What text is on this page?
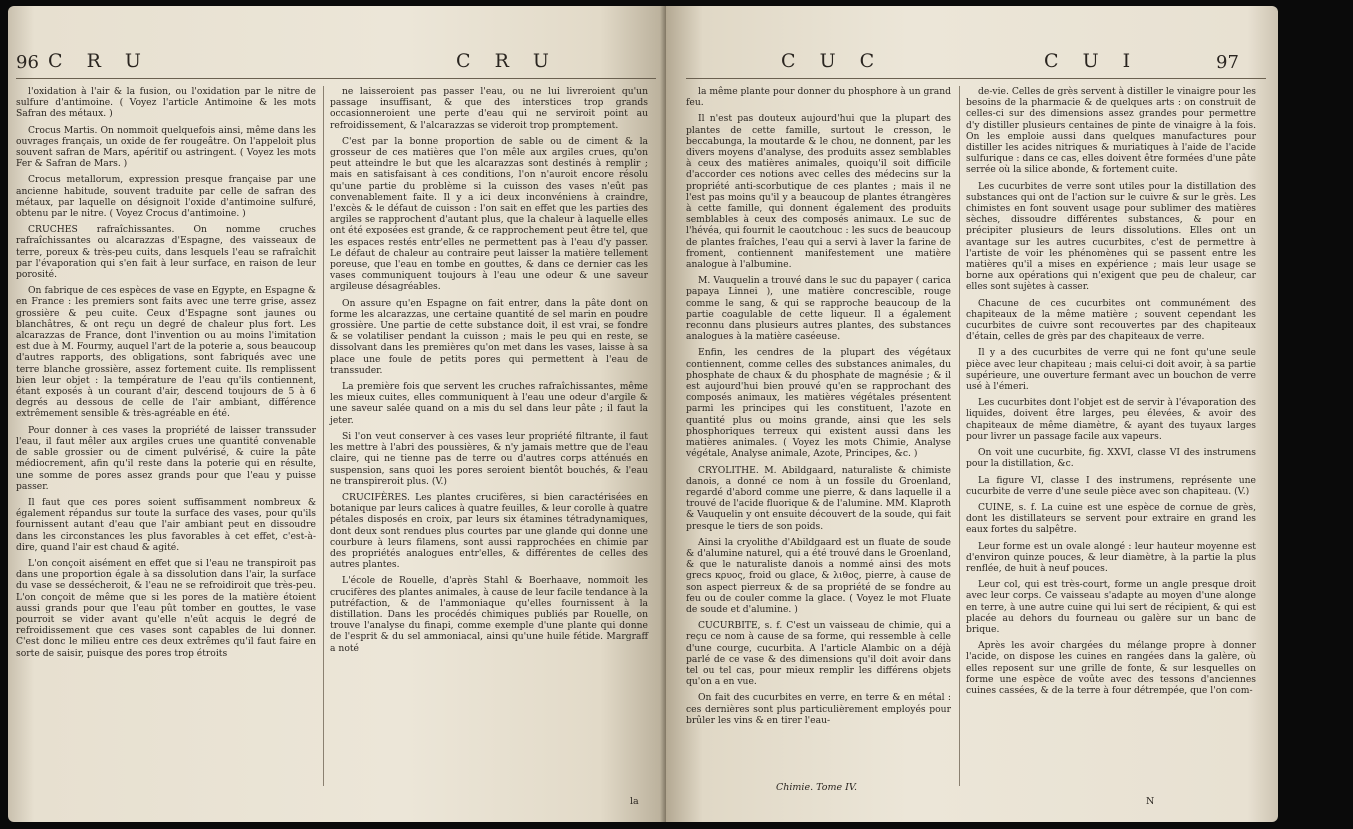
96 C R U	C R U

l'oxidation à l'air & la fusion, ou l'oxidation par le nitre de sulfure d'antimoine. ( Voyez l'article Antimoine & les mots Safran des métaux. )

Crocus Martis. On nommoit quelquefois ainsi, même dans les ouvrages français, un oxide de fer rougeâtre. On l'appeloit plus souvent safran de Mars, apéritif ou astringent. ( Voyez les mots Fer & Safran de Mars. )

Crocus metallorum, expression presque française par une ancienne habitude, souvent traduite par celle de safran des métaux, par laquelle on désignoit l'oxide d'antimoine sulfuré, obtenu par le nitre. ( Voyez Crocus d'antimoine. )

CRUCHES rafraîchissantes. On nomme cruches rafraîchissantes ou alcarazzas d'Espagne, des vaisseaux de terre, poreux & très-peu cuits, dans lesquels l'eau se rafraîchit par l'évaporation qui s'en fait à leur surface, en raison de leur porosité.

On fabrique de ces espèces de vase en Egypte, en Espagne & en France : les premiers sont faits avec une terre grise, assez grossière & peu cuite. Ceux d'Espagne sont jaunes ou blanchâtres, & ont reçu un degré de chaleur plus fort. Les alcarazzas de France, dont l'invention ou au moins l'imitation est due à M. Fourmy, auquel l'art de la poterie a, sous beaucoup d'autres rapports, des obligations, sont fabriqués avec une terre blanche grossière, assez fortement cuite. Ils remplissent bien leur objet : la température de l'eau qu'ils contiennent, étant exposés à un courant d'air, descend toujours de 5 à 6 degrés au dessous de celle de l'air ambiant, différence extrêmement sensible & très-agréable en été.

Pour donner à ces vases la propriété de laisser transsuder l'eau, il faut mêler aux argiles crues une quantité convenable de sable grossier ou de ciment pulvérisé, & cuire la pâte médiocrement, afin qu'il reste dans la poterie qui en résulte, une somme de pores assez grands pour que l'eau y puisse passer.

Il faut que ces pores soient suffisamment nombreux & également répandus sur toute la surface des vases, pour qu'ils fournissent autant d'eau que l'air ambiant peut en dissoudre dans les circonstances les plus favorables à cet effet, c'est-à-dire, quand l'air est chaud & agité.

L'on conçoit aisément en effet que si l'eau ne transpiroit pas dans une proportion égale à sa dissolution dans l'air, la surface du vase se dessécheroit, & l'eau ne se refroidiroit que très-peu. L'on conçoit de même que si les pores de la matière étoient aussi grands pour que l'eau pût tomber en gouttes, le vase pourroit se vider avant qu'elle n'eût acquis le degré de refroidissement que ces vases sont capables de lui donner. C'est donc le milieu entre ces deux extrêmes qu'il faut faire en sorte de saisir, puisque des pores trop étroits

ne laisseroient pas passer l'eau, ou ne lui livreroient qu'un passage insuffisant, & que des interstices trop grands occasionneroient une perte d'eau qui ne serviroit point au refroidissement, & l'alcarazzas se videroit trop promptement.

C'est par la bonne proportion de sable ou de ciment & la grosseur de ces matières que l'on mêle aux argiles crues, qu'on peut atteindre le but que les alcarazzas sont destinés à remplir ; mais en satisfaisant à ces conditions, l'on n'auroit encore résolu qu'une partie du problème si la cuisson des vases n'eût pas convenablement faite. Il y a ici deux inconvéniens à craindre, l'excès & le défaut de cuisson : l'on sait en effet que les parties des argiles se rapprochent d'autant plus, que la chaleur à laquelle elles ont été exposées est grande, & ce rapprochement peut être tel, que les espaces restés entr'elles ne permettent pas à l'eau d'y passer. Le défaut de chaleur au contraire peut laisser la matière tellement poreuse, que l'eau en tombe en gouttes, & dans ce dernier cas les vases communiquent toujours à l'eau une odeur & une saveur argileuse désagréables.

On assure qu'en Espagne on fait entrer, dans la pâte dont on forme les alcarazzas, une certaine quantité de sel marin en poudre grossière. Une partie de cette substance doit, il est vrai, se fondre & se volatiliser pendant la cuisson ; mais le peu qui en reste, se dissolvant dans les premières qu'on met dans les vases, laisse à sa place une foule de petits pores qui permettent à l'eau de transsuder.

La première fois que servent les cruches rafraîchissantes, même les mieux cuites, elles communiquent à l'eau une odeur d'argile & une saveur salée quand on a mis du sel dans leur pâte ; il faut la jeter.

Si l'on veut conserver à ces vases leur propriété filtrante, il faut les mettre à l'abri des poussières, & n'y jamais mettre que de l'eau claire, qui ne tienne pas de terre ou d'autres corps atténués en suspension, sans quoi les pores seroient bientôt bouchés, & l'eau ne transpireroit plus. (V.)

CRUCIFÈRES. Les plantes crucifères, si bien caractérisées en botanique par leurs calices à quatre feuilles, & leur corolle à quatre pétales disposés en croix, par leurs six étamines tétradynamiques, dont deux sont rendues plus courtes par une glande qui donne une courbure à leurs filamens, sont aussi rapprochées en chimie par des propriétés analogues entr'elles, & différentes de celles des autres plantes.

L'école de Rouelle, d'après Stahl & Boerhaave, nommoit les crucifères des plantes animales, à cause de leur facile tendance à la putréfaction, & de l'ammoniaque qu'elles fournissent à la distillation. Dans les procédés chimiques publiés par Rouelle, on trouve l'analyse du finapi, comme exemple d'une plante qui donne de l'esprit & du sel ammoniacal, ainsi qu'une huile fétide. Margraff a noté

la
C U C	C U I	97

la même plante pour donner du phosphore à un grand feu.

Il n'est pas douteux aujourd'hui que la plupart des plantes de cette famille, surtout le cresson, le beccabunga, la moutarde & le chou, ne donnent, par les divers moyens d'analyse, des produits assez semblables à ceux des matières animales, quoiqu'il soit difficile d'accorder ces notions avec celles des médecins sur la propriété anti-scorbutique de ces plantes ; mais il ne l'est pas moins qu'il y a beaucoup de plantes étrangères à cette famille, qui donnent également des produits semblables à ceux des composés animaux. Le suc de l'hévéa, qui fournit le caoutchouc : les sucs de beaucoup de plantes fraîches, l'eau qui a servi à laver la farine de froment, contiennent manifestement une matière analogue à l'albumine.

M. Vauquelin a trouvé dans le suc du papayer ( carica papaya Linnei ), une matière concrescible, rouge comme le sang, & qui se rapproche beaucoup de la partie coagulable de cette liqueur. Il a également reconnu dans plusieurs autres plantes, des substances analogues à la matière caséeuse.

Enfin, les cendres de la plupart des végétaux contiennent, comme celles des substances animales, du phosphate de chaux & du phosphate de magnésie ; & il est aujourd'hui bien prouvé qu'en se rapprochant des composés animaux, les matières végétales présentent parmi les principes qui les constituent, l'azote en quantité plus ou moins grande, ainsi que les sels phosphoriques terreux qui existent aussi dans les matières animales. ( Voyez les mots Chimie, Analyse végétale, Analyse animale, Azote, Principes, &c. )

CRYOLITHE. M. Abildgaard, naturaliste & chimiste danois, a donné ce nom à un fossile du Groenland, regardé d'abord comme une pierre, & dans laquelle il a trouvé de l'acide fluorique & de l'alumine. MM. Klaproth & Vauquelin y ont ensuite découvert de la soude, qui fait presque le tiers de son poids.

Ainsi la cryolithe d'Abildgaard est un fluate de soude & d'alumine naturel, qui a été trouvé dans le Groenland, & que le naturaliste danois a nommé ainsi des mots grecs κρυος, froid ou glace, & λιθος, pierre, à cause de son aspect pierreux & de sa propriété de se fondre au feu ou de couler comme la glace. ( Voyez le mot Fluate de soude et d'alumine. )

CUCURBITE, s. f. C'est un vaisseau de chimie, qui a reçu ce nom à cause de sa forme, qui ressemble à celle d'une courge, cucurbita. A l'article Alambic on a déjà parlé de ce vase & des dimensions qu'il doit avoir dans tel ou tel cas, pour mieux remplir les différens objets qu'on a en vue.

On fait des cucurbites en verre, en terre & en métal : ces dernières sont plus particulièrement employés pour brûler les vins & en tirer l'eau-

de-vie. Celles de grès servent à distiller le vinaigre pour les besoins de la pharmacie & de quelques arts : on construit de celles-ci sur des dimensions assez grandes pour permettre d'y distiller plusieurs centaines de pinte de vinaigre à la fois. On les emploie aussi dans quelques manufactures pour distiller les acides nitriques & muriatiques à l'aide de l'acide sulfurique : dans ce cas, elles doivent être formées d'une pâte serrée où la silice abonde, & fortement cuite.

Les cucurbites de verre sont utiles pour la distillation des substances qui ont de l'action sur le cuivre & sur le grès. Les chimistes en font souvent usage pour sublimer des matières sèches, dissoudre différentes substances, & pour en précipiter plusieurs de leurs dissolutions. Elles ont un avantage sur les autres cucurbites, c'est de permettre à l'artiste de voir les phénomènes qui se passent entre les matières qu'il a mises en expérience ; mais leur usage se borne aux opérations qui n'exigent que peu de chaleur, car elles sont sujètes à casser.

Chacune de ces cucurbites ont communément des chapiteaux de la même matière ; souvent cependant les cucurbites de cuivre sont recouvertes par des chapiteaux d'étain, celles de grès par des chapiteaux de verre.

Il y a des cucurbites de verre qui ne font qu'une seule pièce avec leur chapiteau ; mais celui-ci doit avoir, à sa partie supérieure, une ouverture fermant avec un bouchon de verre usé à l'émeri.

Les cucurbites dont l'objet est de servir à l'évaporation des liquides, doivent être larges, peu élevées, & avoir des chapiteaux de même diamètre, & ayant des tuyaux larges pour livrer un passage facile aux vapeurs.

On voit une cucurbite, fig. XXVI, classe VI des instrumens pour la distillation, &c.

La figure VI, classe I des instrumens, représente une cucurbite de verre d'une seule pièce avec son chapiteau. (V.)

CUINE, s. f. La cuine est une espèce de cornue de grès, dont les distillateurs se servent pour extraire en grand les eaux fortes du salpêtre.

Leur forme est un ovale alongé : leur hauteur moyenne est d'environ quinze pouces, & leur diamètre, à la partie la plus renflée, de huit à neuf pouces.

Leur col, qui est très-court, forme un angle presque droit avec leur corps. Ce vaisseau s'adapte au moyen d'une alonge en terre, à une autre cuine qui lui sert de récipient, & qui est placée au dehors du fourneau ou galère sur un banc de brique.

Après les avoir chargées du mélange propre à donner l'acide, on dispose les cuines en rangées dans la galère, où elles reposent sur une grille de fonte, & sur lesquelles on forme une espèce de voûte avec des tessons d'anciennes cuines cassées, & de la terre à four détrempée, que l'on com-

Chimie. Tome IV.
N
